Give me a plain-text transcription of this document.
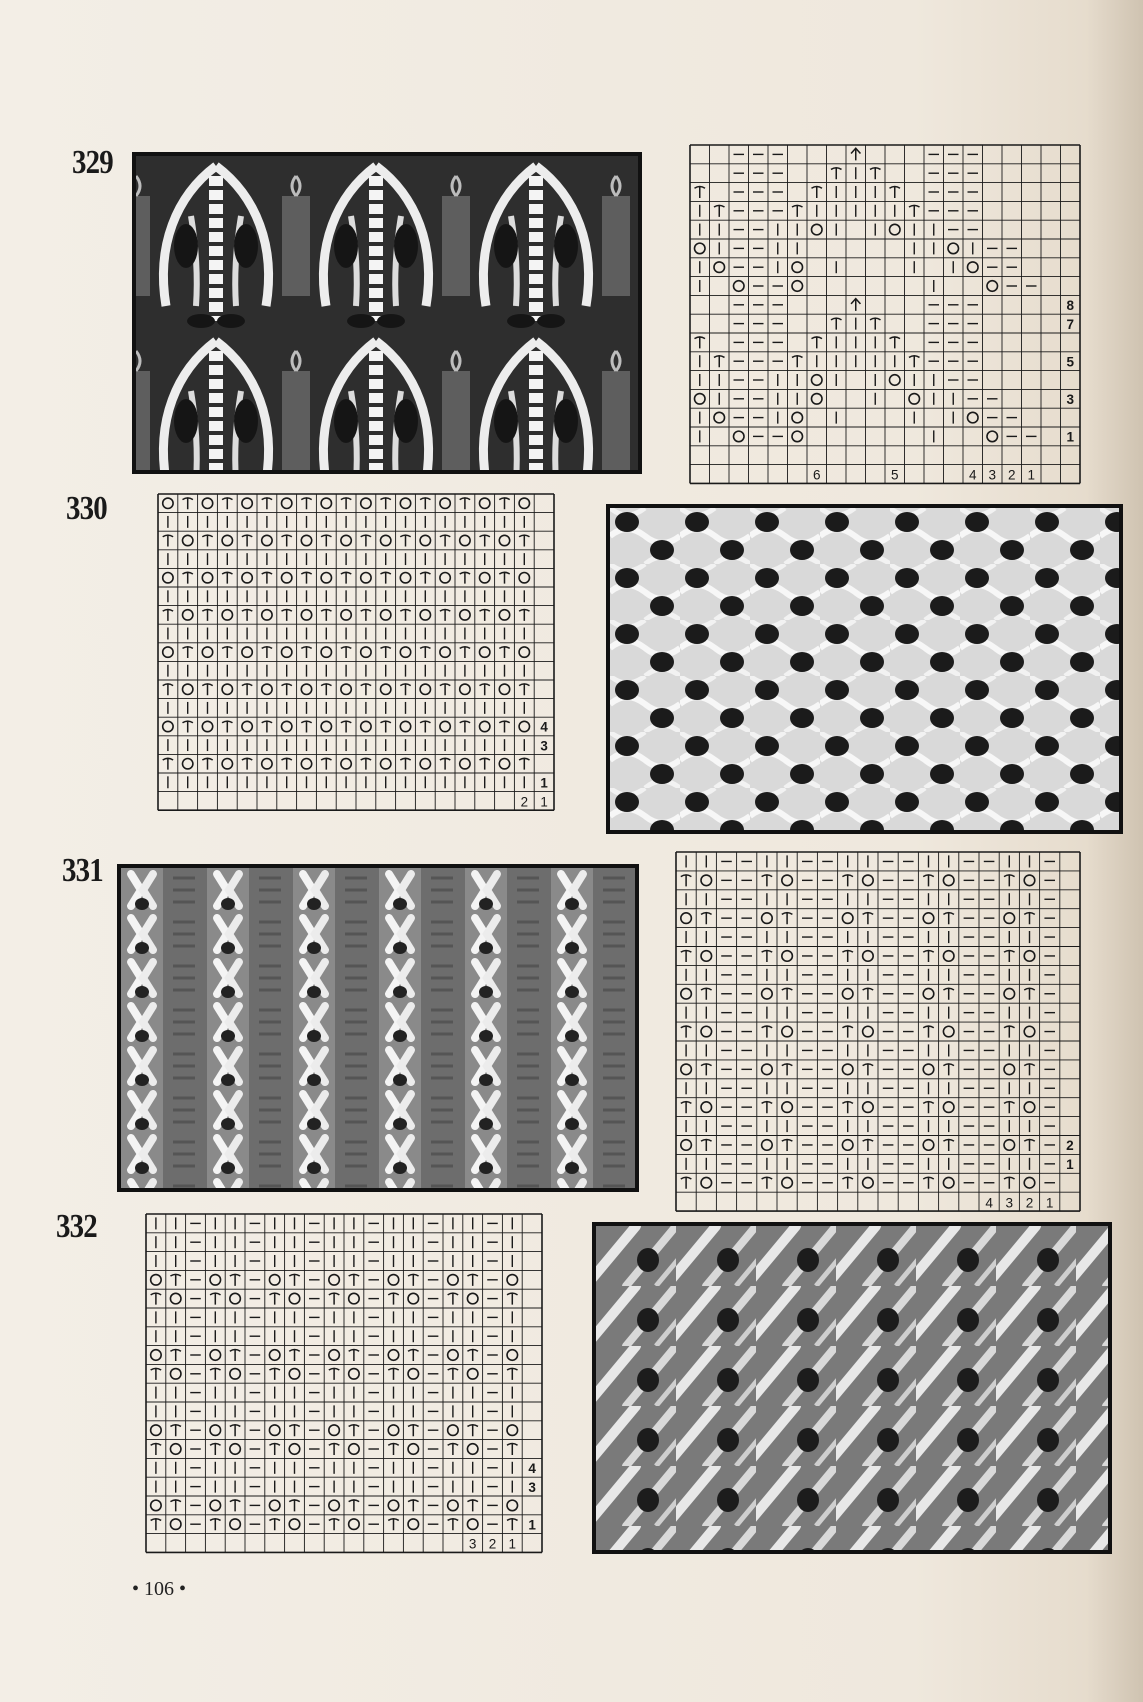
329
8
7
5
3
1
6	5	4 3 2 1
330
4
3
1
2 1
331
2
1
4 3 2 1
332
4
3
1
3 2 1
• 106 •
